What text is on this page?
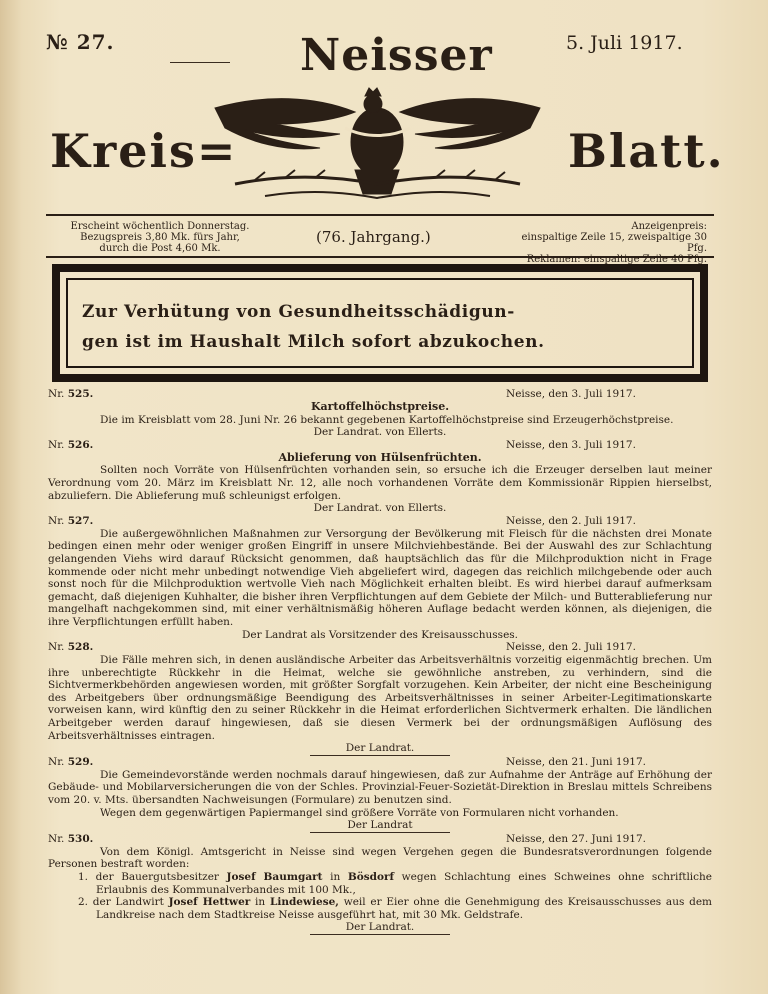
№ 27.	Neisser	5. Juli 1917.
Kreis=	Blatt.
Erscheint wöchentlich Donnerstag.
Bezugspreis 3,80 Mk. fürs Jahr,
durch die Post 4,60 Mk.
(76. Jahrgang.)
Anzeigenpreis:
einspaltige Zeile 15, zweispaltige 30 Pfg.
Reklamen: einspaltige Zeile 40 Pfg.
Zur Verhütung von Gesundheitsschädigun-
gen ist im Haushalt Milch sofort abzukochen.
Nr. 525.	Neisse, den 3. Juli 1917.
Kartoffelhöchstpreise.
Die im Kreisblatt vom 28. Juni Nr. 26 bekannt gegebenen Kartoffelhöchstpreise sind Erzeugerhöchstpreise.
Der Landrat. von Ellerts.
Nr. 526.	Neisse, den 3. Juli 1917.
Ablieferung von Hülsenfrüchten.
Sollten noch Vorräte von Hülsenfrüchten vorhanden sein, so ersuche ich die Erzeuger derselben laut meiner Verordnung vom 20. März im Kreisblatt Nr. 12, alle noch vorhandenen Vorräte dem Kommissionär Rippien hierselbst, abzuliefern. Die Ablieferung muß schleunigst erfolgen.
Der Landrat. von Ellerts.
Nr. 527.	Neisse, den 2. Juli 1917.
Die außergewöhnlichen Maßnahmen zur Versorgung der Bevölkerung mit Fleisch für die nächsten drei Monate bedingen einen mehr oder weniger großen Eingriff in unsere Milchviehbestände. Bei der Auswahl des zur Schlachtung gelangenden Viehs wird darauf Rücksicht genommen, daß hauptsächlich das für die Milchproduktion nicht in Frage kommende oder nicht mehr unbedingt notwendige Vieh abgeliefert wird, dagegen das reichlich milchgebende oder auch sonst noch für die Milchproduktion wertvolle Vieh nach Möglichkeit erhalten bleibt. Es wird hierbei darauf aufmerksam gemacht, daß diejenigen Kuhhalter, die bisher ihren Verpflichtungen auf dem Gebiete der Milch- und Butterablieferung nur mangelhaft nachgekommen sind, mit einer verhältnismäßig höheren Auflage bedacht werden können, als diejenigen, die ihre Verpflichtungen erfüllt haben.
Der Landrat als Vorsitzender des Kreisausschusses.
Nr. 528.	Neisse, den 2. Juli 1917.
Die Fälle mehren sich, in denen ausländische Arbeiter das Arbeitsverhältnis vorzeitig eigenmächtig brechen. Um ihre unberechtigte Rückkehr in die Heimat, welche sie gewöhnliche anstreben, zu verhindern, sind die Sichtvermerkbehörden angewiesen worden, mit größter Sorgfalt vorzugehen. Kein Arbeiter, der nicht eine Bescheinigung des Arbeitgebers über ordnungsmäßige Beendigung des Arbeitsverhältnisses in seiner Arbeiter-Legitimationskarte vorweisen kann, wird künftig den zu seiner Rückkehr in die Heimat erforderlichen Sichtvermerk erhalten. Die ländlichen Arbeitgeber werden darauf hingewiesen, daß sie diesen Vermerk bei der ordnungsmäßigen Auflösung des Arbeitsverhältnisses eintragen.
Der Landrat.
Nr. 529.	Neisse, den 21. Juni 1917.
Die Gemeindevorstände werden nochmals darauf hingewiesen, daß zur Aufnahme der Anträge auf Erhöhung der Gebäude- und Mobilarversicherungen die von der Schles. Provinzial-Feuer-Sozietät-Direktion in Breslau mittels Schreibens vom 20. v. Mts. übersandten Nachweisungen (Formulare) zu benutzen sind.
Wegen dem gegenwärtigen Papiermangel sind größere Vorräte von Formularen nicht vorhanden.
Der Landrat
Nr. 530.	Neisse, den 27. Juni 1917.
Von dem Königl. Amtsgericht in Neisse sind wegen Vergehen gegen die Bundesratsverordnungen folgende Personen bestraft worden:
1. der Bauergutsbesitzer Josef Baumgart in Bösdorf wegen Schlachtung eines Schweines ohne schriftliche Erlaubnis des Kommunalverbandes mit 100 Mk.,
2. der Landwirt Josef Hettwer in Lindewiese, weil er Eier ohne die Genehmigung des Kreisausschusses aus dem Landkreise nach dem Stadtkreise Neisse ausgeführt hat, mit 30 Mk. Geldstrafe.
Der Landrat.
